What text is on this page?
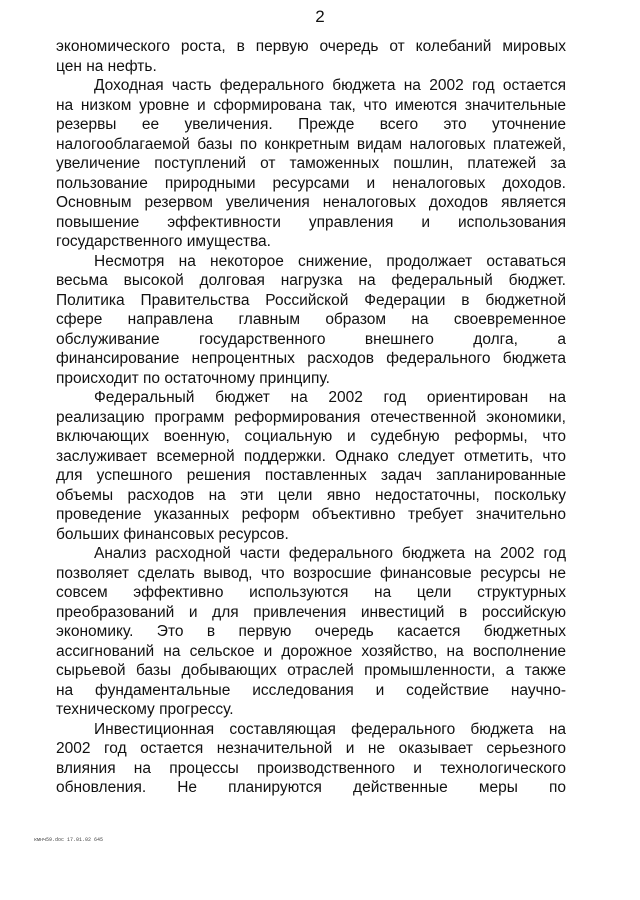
2
экономического роста, в первую очередь от колебаний мировых
цен на нефть.
Доходная часть федерального бюджета на 2002 год остается
на низком уровне и сформирована так, что имеются значительные
резервы ее увеличения. Прежде всего это уточнение
налогооблагаемой базы по конкретным видам налоговых платежей,
увеличение поступлений от таможенных пошлин, платежей за
пользование природными ресурсами и неналоговых доходов.
Основным резервом увеличения неналоговых доходов является
повышение эффективности управления и использования
государственного имущества.
Несмотря на некоторое снижение, продолжает оставаться
весьма высокой долговая нагрузка на федеральный бюджет.
Политика Правительства Российской Федерации в бюджетной
сфере направлена главным образом на своевременное
обслуживание государственного внешнего долга, а
финансирование непроцентных расходов федерального бюджета
происходит по остаточному принципу.
Федеральный бюджет на 2002 год ориентирован на
реализацию программ реформирования отечественной экономики,
включающих военную, социальную и судебную реформы, что
заслуживает всемерной поддержки. Однако следует отметить, что
для успешного решения поставленных задач запланированные
объемы расходов на эти цели явно недостаточны, поскольку
проведение указанных реформ объективно требует значительно
больших финансовых ресурсов.
Анализ расходной части федерального бюджета на 2002 год
позволяет сделать вывод, что возросшие финансовые ресурсы не
совсем эффективно используются на цели структурных
преобразований и для привлечения инвестиций в российскую
экономику. Это в первую очередь касается бюджетных
ассигнований на сельское и дорожное хозяйство, на восполнение
сырьевой базы добывающих отраслей промышленности, а также
на фундаментальные исследования и содействие научно-
техническому прогрессу.
Инвестиционная составляющая федерального бюджета на
2002 год остается незначительной и не оказывает серьезного
влияния на процессы производственного и технологического
обновления. Не планируются действенные меры по
кмнч59.doc 17.01.02 645
